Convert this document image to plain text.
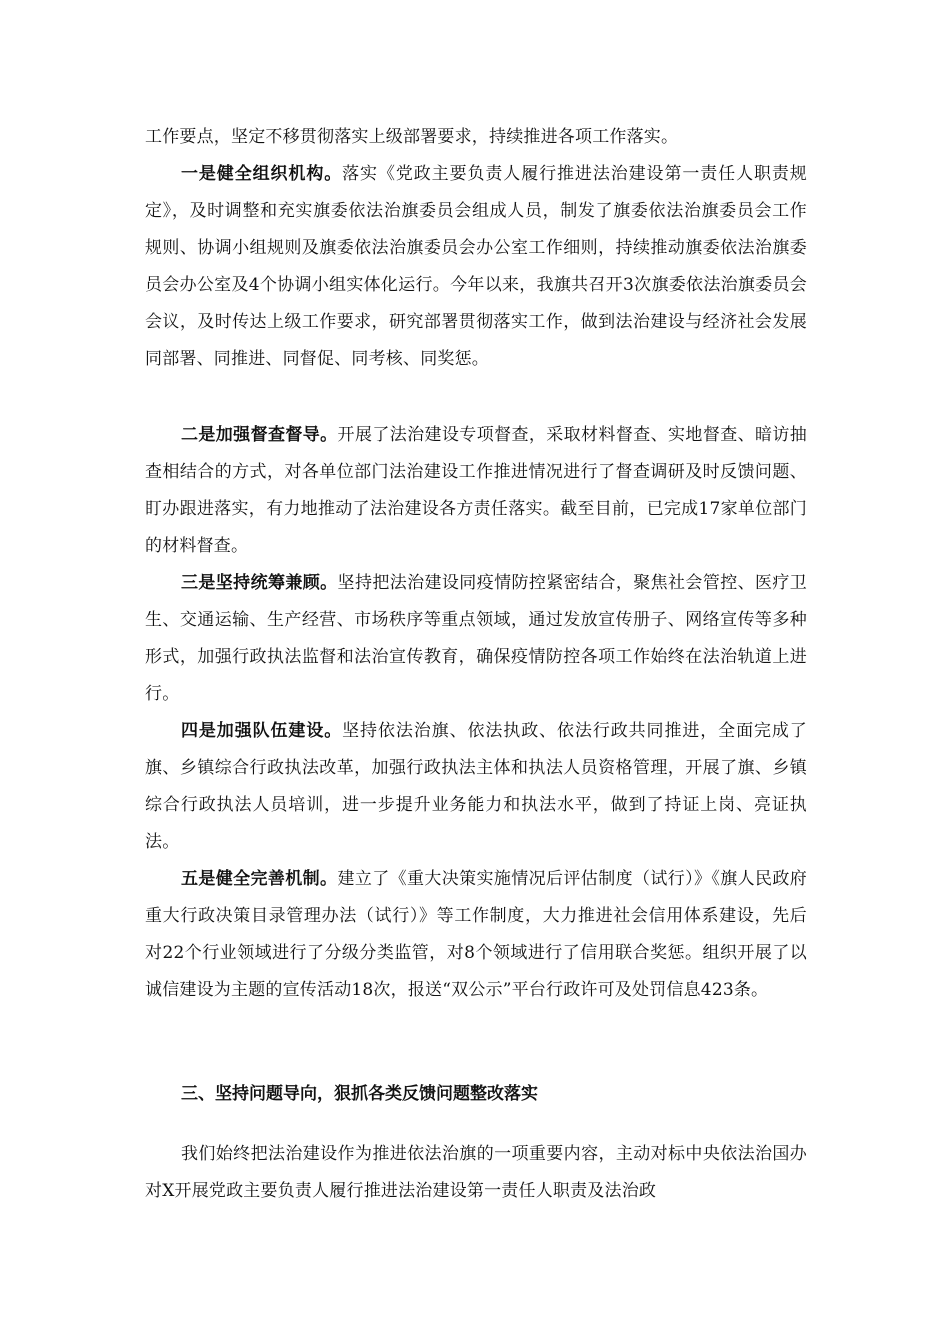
工作要点，坚定不移贯彻落实上级部署要求，持续推进各项工作落实。

一是健全组织机构。落实《党政主要负责人履行推进法治建设第一责任人职责规定》，及时调整和充实旗委依法治旗委员会组成人员，制发了旗委依法治旗委员会工作规则、协调小组规则及旗委依法治旗委员会办公室工作细则，持续推动旗委依法治旗委员会办公室及4个协调小组实体化运行。今年以来，我旗共召开3次旗委依法治旗委员会会议，及时传达上级工作要求，研究部署贯彻落实工作，做到法治建设与经济社会发展同部署、同推进、同督促、同考核、同奖惩。

二是加强督查督导。开展了法治建设专项督查，采取材料督查、实地督查、暗访抽查相结合的方式，对各单位部门法治建设工作推进情况进行了督查调研及时反馈问题、盯办跟进落实，有力地推动了法治建设各方责任落实。截至目前，已完成17家单位部门的材料督查。

三是坚持统筹兼顾。坚持把法治建设同疫情防控紧密结合，聚焦社会管控、医疗卫生、交通运输、生产经营、市场秩序等重点领域，通过发放宣传册子、网络宣传等多种形式，加强行政执法监督和法治宣传教育，确保疫情防控各项工作始终在法治轨道上进行。

四是加强队伍建设。坚持依法治旗、依法执政、依法行政共同推进，全面完成了旗、乡镇综合行政执法改革，加强行政执法主体和执法人员资格管理，开展了旗、乡镇综合行政执法人员培训，进一步提升业务能力和执法水平，做到了持证上岗、亮证执法。

五是健全完善机制。建立了《重大决策实施情况后评估制度（试行）》《旗人民政府重大行政决策目录管理办法（试行）》等工作制度，大力推进社会信用体系建设，先后对22个行业领域进行了分级分类监管，对8个领域进行了信用联合奖惩。组织开展了以诚信建设为主题的宣传活动18次，报送“双公示”平台行政许可及处罚信息423条。

三、坚持问题导向，狠抓各类反馈问题整改落实

我们始终把法治建设作为推进依法治旗的一项重要内容，主动对标中央依法治国办对X开展党政主要负责人履行推进法治建设第一责任人职责及法治政
